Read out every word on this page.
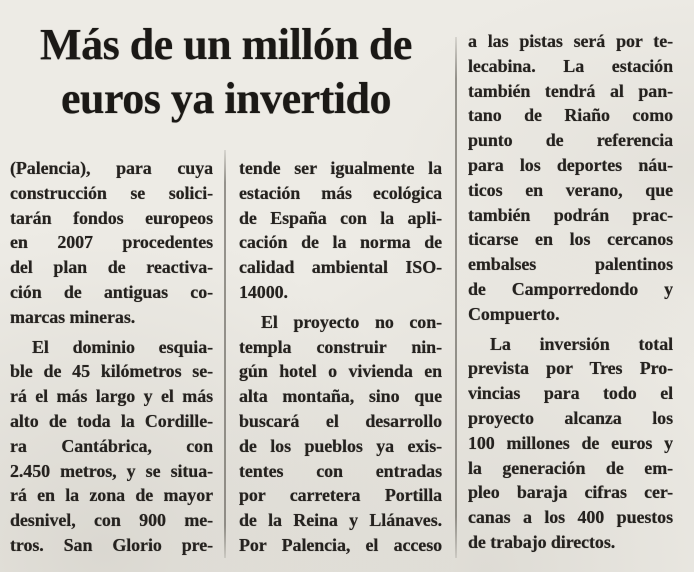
Más de un millón de
euros ya invertido
(Palencia), para cuya
construcción se solici-
tarán fondos europeos
en 2007 procedentes
del plan de reactiva-
ción de antiguas co-
marcas mineras.
El dominio esquia-
ble de 45 kilómetros se-
rá el más largo y el más
alto de toda la Cordille-
ra Cantábrica, con
2.450 metros, y se situa-
rá en la zona de mayor
desnivel, con 900 me-
tros. San Glorio pre-
tende ser igualmente la
estación más ecológica
de España con la apli-
cación de la norma de
calidad ambiental ISO-
14000.
El proyecto no con-
templa construir nin-
gún hotel o vivienda en
alta montaña, sino que
buscará el desarrollo
de los pueblos ya exis-
tentes con entradas
por carretera Portilla
de la Reina y Llánaves.
Por Palencia, el acceso
a las pistas será por te-
lecabina. La estación
también tendrá al pan-
tano de Riaño como
punto de referencia
para los deportes náu-
ticos en verano, que
también podrán prac-
ticarse en los cercanos
embalses palentinos
de Camporredondo y
Compuerto.
La inversión total
prevista por Tres Pro-
vincias para todo el
proyecto alcanza los
100 millones de euros y
la generación de em-
pleo baraja cifras cer-
canas a los 400 puestos
de trabajo directos.
